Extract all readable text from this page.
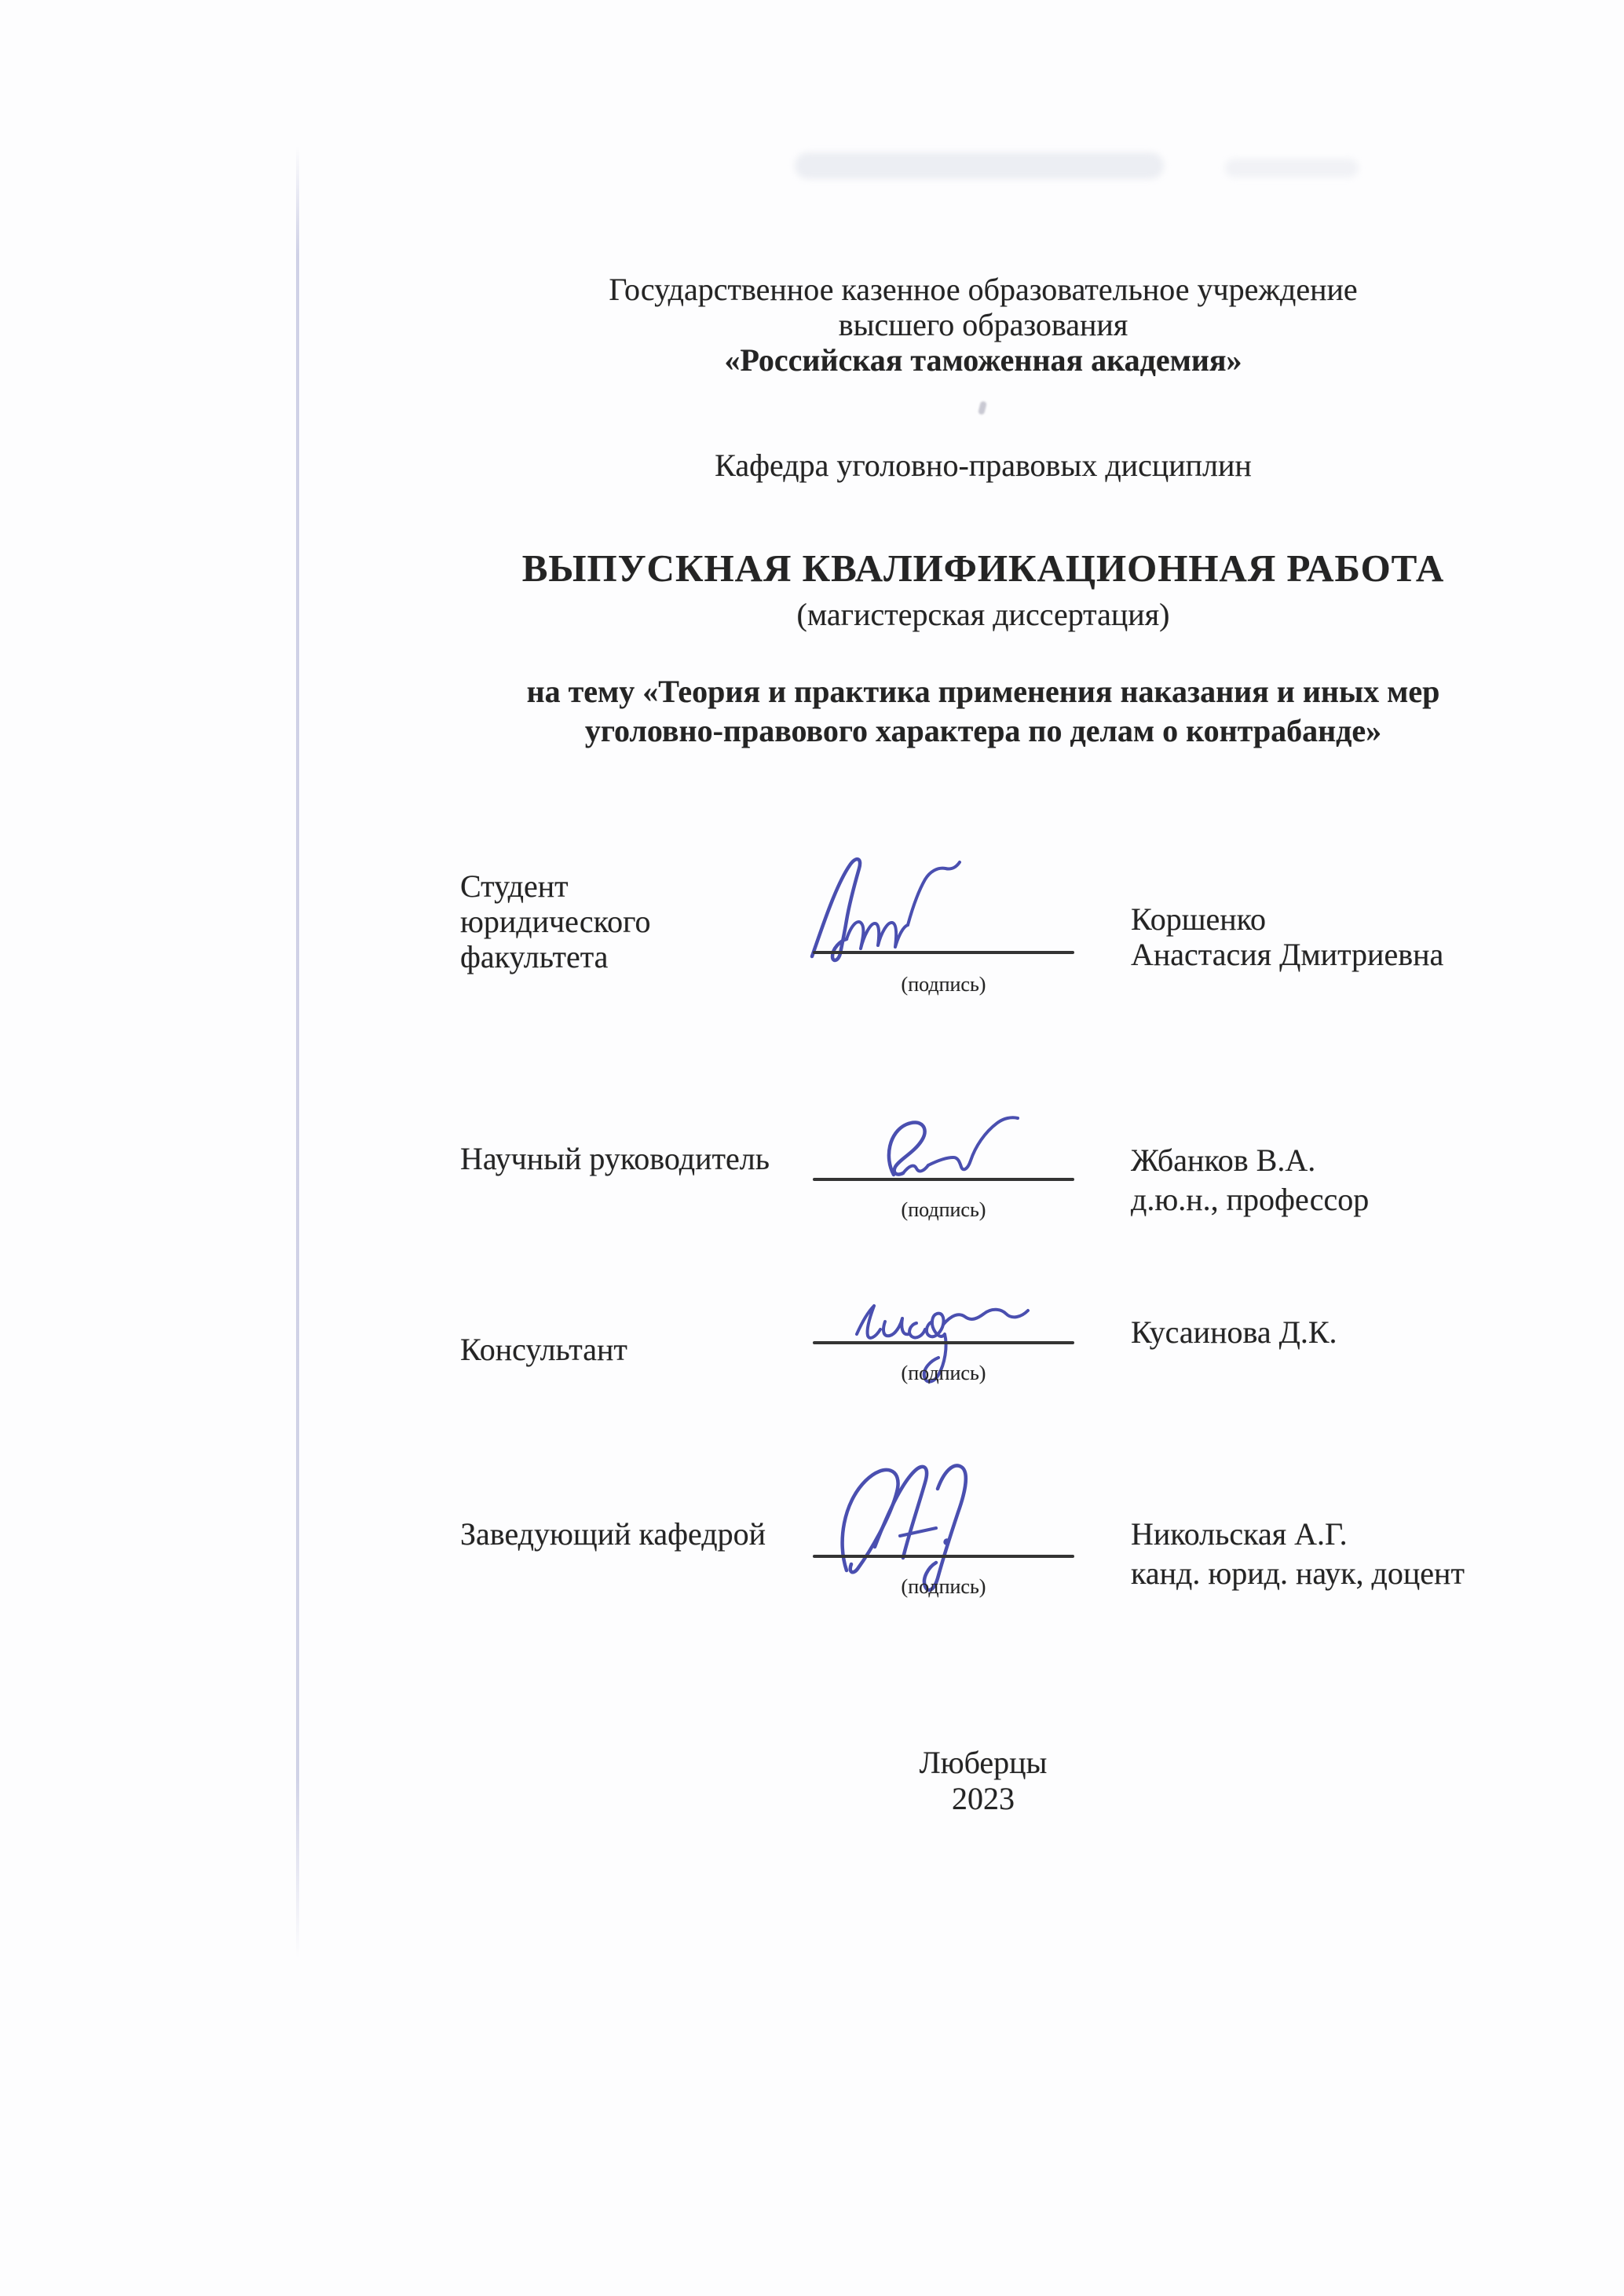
Государственное казенное образовательное учреждение
высшего образования
«Российская таможенная академия»
Кафедра уголовно-правовых дисциплин
ВЫПУСКНАЯ КВАЛИФИКАЦИОННАЯ РАБОТА
(магистерская диссертация)
на тему «Теория и практика применения наказания и иных мер
уголовно-правового характера по делам о контрабанде»
Студент
юридического
факультета
(подпись)
Коршенко
Анастасия Дмитриевна
Научный руководитель
(подпись)
Жбанков В.А.
д.ю.н., профессор
Консультант
(подпись)
Кусаинова Д.К.
Заведующий кафедрой
(подпись)
Никольская А.Г.
канд. юрид. наук, доцент
Люберцы
2023
